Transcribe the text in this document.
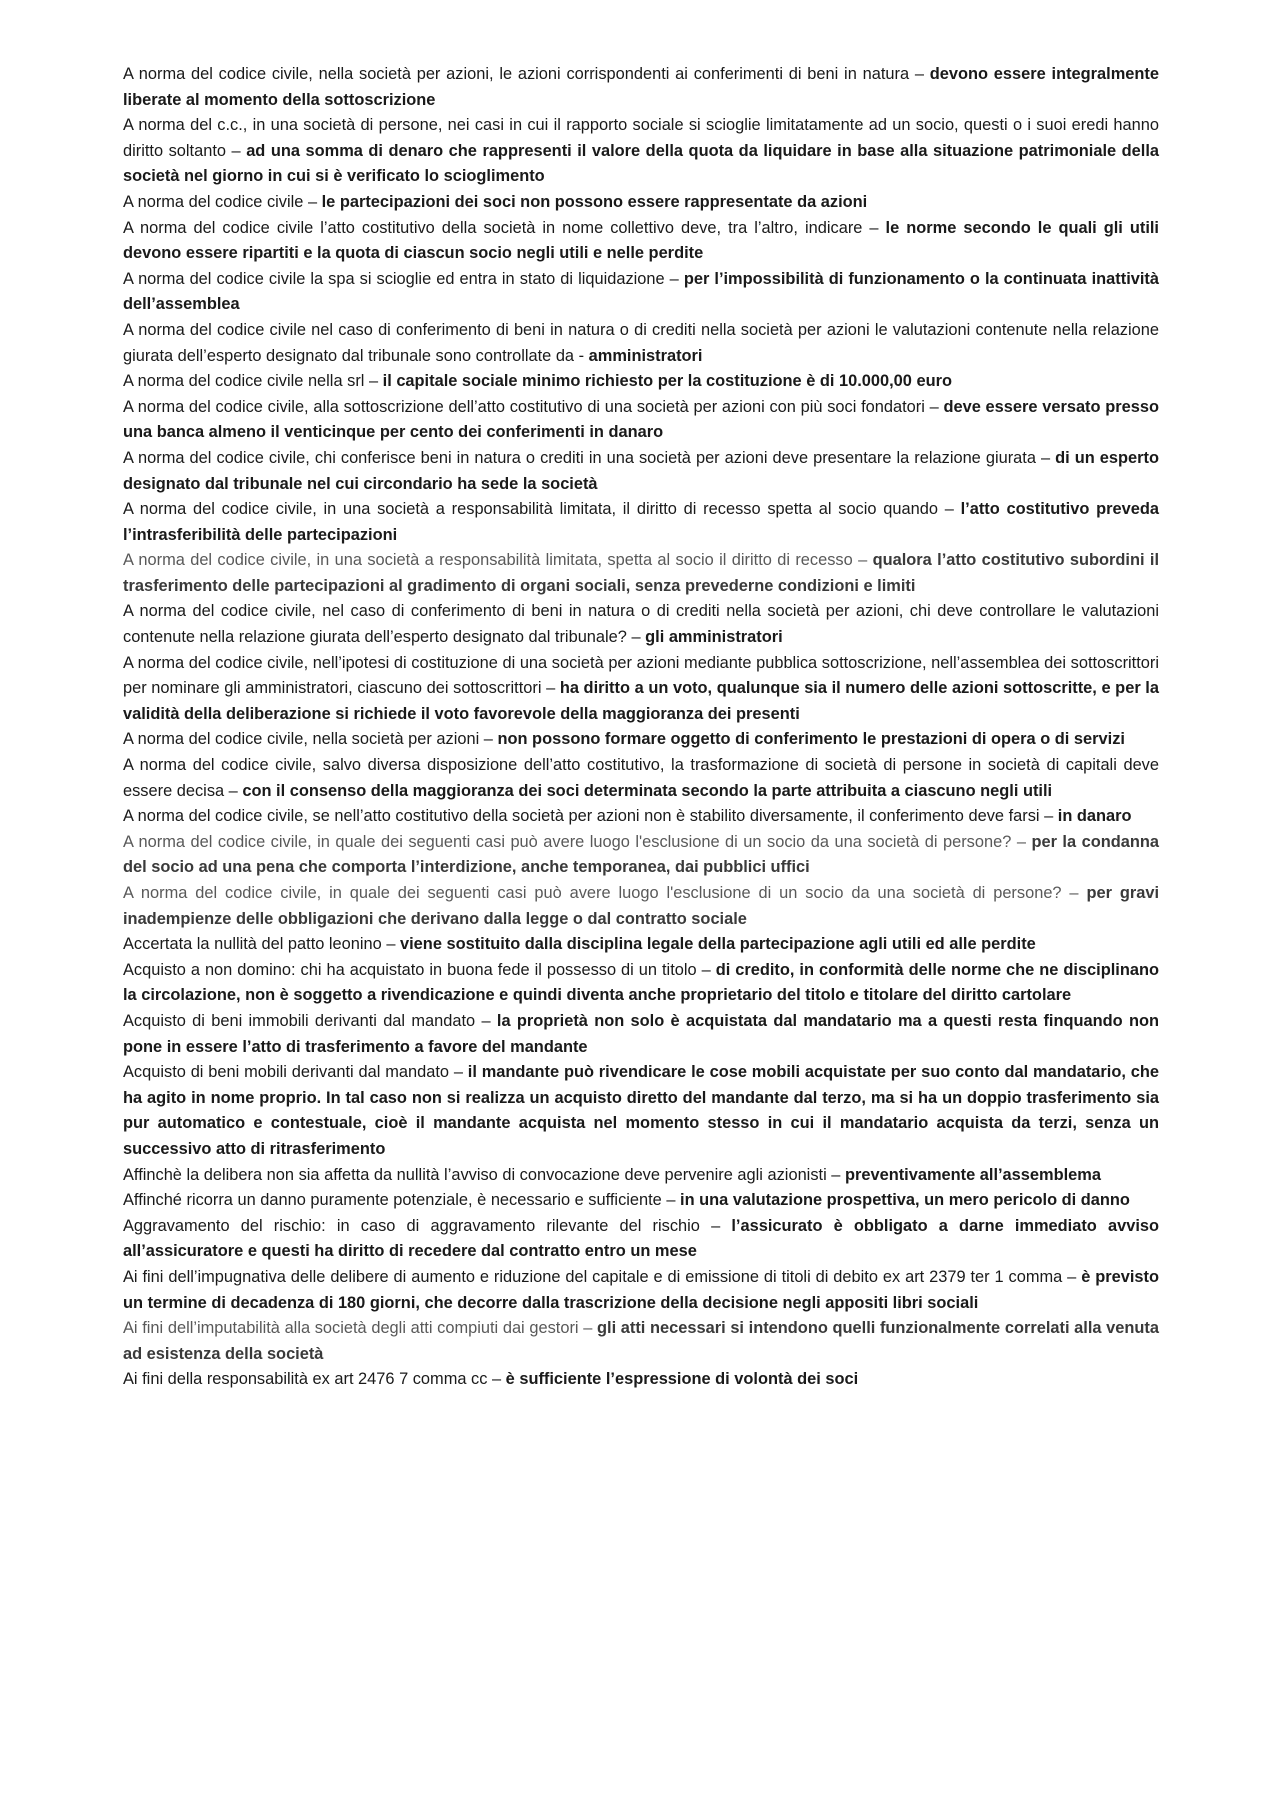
A norma del codice civile, nella società per azioni, le azioni corrispondenti ai conferimenti di beni in natura – devono essere integralmente liberate al momento della sottoscrizione

A norma del c.c., in una società di persone, nei casi in cui il rapporto sociale si scioglie limitatamente ad un socio, questi o i suoi eredi hanno diritto soltanto – ad una somma di denaro che rappresenti il valore della quota da liquidare in base alla situazione patrimoniale della società nel giorno in cui si è verificato lo scioglimento

A norma del codice civile – le partecipazioni dei soci non possono essere rappresentate da azioni

A norma del codice civile l’atto costitutivo della società in nome collettivo deve, tra l’altro, indicare – le norme secondo le quali gli utili devono essere ripartiti e la quota di ciascun socio negli utili e nelle perdite

A norma del codice civile la spa si scioglie ed entra in stato di liquidazione – per l’impossibilità di funzionamento o la continuata inattività dell’assemblea

A norma del codice civile nel caso di conferimento di beni in natura o di crediti nella società per azioni le valutazioni contenute nella relazione giurata dell’esperto designato dal tribunale sono controllate da - amministratori

A norma del codice civile nella srl – il capitale sociale minimo richiesto per la costituzione è di 10.000,00 euro

A norma del codice civile, alla sottoscrizione dell’atto costitutivo di una società per azioni con più soci fondatori – deve essere versato presso una banca almeno il venticinque per cento dei conferimenti in danaro

A norma del codice civile, chi conferisce beni in natura o crediti in una società per azioni deve presentare la relazione giurata – di un esperto designato dal tribunale nel cui circondario ha sede la società

A norma del codice civile, in una società a responsabilità limitata, il diritto di recesso spetta al socio quando – l’atto costitutivo preveda l’intrasferibilità delle partecipazioni

A norma del codice civile, in una società a responsabilità limitata, spetta al socio il diritto di recesso – qualora l’atto costitutivo subordini il trasferimento delle partecipazioni al gradimento di organi sociali, senza prevederne condizioni e limiti

A norma del codice civile, nel caso di conferimento di beni in natura o di crediti nella società per azioni, chi deve controllare le valutazioni contenute nella relazione giurata dell’esperto designato dal tribunale? – gli amministratori

A norma del codice civile, nell’ipotesi di costituzione di una società per azioni mediante pubblica sottoscrizione, nell’assemblea dei sottoscrittori per nominare gli amministratori, ciascuno dei sottoscrittori – ha diritto a un voto, qualunque sia il numero delle azioni sottoscritte, e per la validità della deliberazione si richiede il voto favorevole della maggioranza dei presenti

A norma del codice civile, nella società per azioni – non possono formare oggetto di conferimento le prestazioni di opera o di servizi

A norma del codice civile, salvo diversa disposizione dell’atto costitutivo, la trasformazione di società di persone in società di capitali deve essere decisa – con il consenso della maggioranza dei soci determinata secondo la parte attribuita a ciascuno negli utili

A norma del codice civile, se nell’atto costitutivo della società per azioni non è stabilito diversamente, il conferimento deve farsi – in danaro

A norma del codice civile, in quale dei seguenti casi può avere luogo l'esclusione di un socio da una società di persone? – per la condanna del socio ad una pena che comporta l’interdizione, anche temporanea, dai pubblici uffici

A norma del codice civile, in quale dei seguenti casi può avere luogo l'esclusione di un socio da una società di persone? – per gravi inadempienze delle obbligazioni che derivano dalla legge o dal contratto sociale

Accertata la nullità del patto leonino – viene sostituito dalla disciplina legale della partecipazione agli utili ed alle perdite

Acquisto a non domino: chi ha acquistato in buona fede il possesso di un titolo – di credito, in conformità delle norme che ne disciplinano la circolazione, non è soggetto a rivendicazione e quindi diventa anche proprietario del titolo e titolare del diritto cartolare

Acquisto di beni immobili derivanti dal mandato – la proprietà non solo è acquistata dal mandatario ma a questi resta finquando non pone in essere l’atto di trasferimento a favore del mandante

Acquisto di beni mobili derivanti dal mandato – il mandante può rivendicare le cose mobili acquistate per suo conto dal mandatario, che ha agito in nome proprio. In tal caso non si realizza un acquisto diretto del mandante dal terzo, ma si ha un doppio trasferimento sia pur automatico e contestuale, cioè il mandante acquista nel momento stesso in cui il mandatario acquista da terzi, senza un successivo atto di ritrasferimento

Affinchè la delibera non sia affetta da nullità l’avviso di convocazione deve pervenire agli azionisti – preventivamente all’assemblema

Affinché ricorra un danno puramente potenziale, è necessario e sufficiente – in una valutazione prospettiva, un mero pericolo di danno

Aggravamento del rischio: in caso di aggravamento rilevante del rischio – l’assicurato è obbligato a darne immediato avviso all’assicuratore e questi ha diritto di recedere dal contratto entro un mese

Ai fini dell’impugnativa delle delibere di aumento e riduzione del capitale e di emissione di titoli di debito ex art 2379 ter 1 comma – è previsto un termine di decadenza di 180 giorni, che decorre dalla trascrizione della decisione negli appositi libri sociali

Ai fini dell’imputabilità alla società degli atti compiuti dai gestori – gli atti necessari si intendono quelli funzionalmente correlati alla venuta ad esistenza della società

Ai fini della responsabilità ex art 2476 7 comma cc – è sufficiente l’espressione di volontà dei soci
